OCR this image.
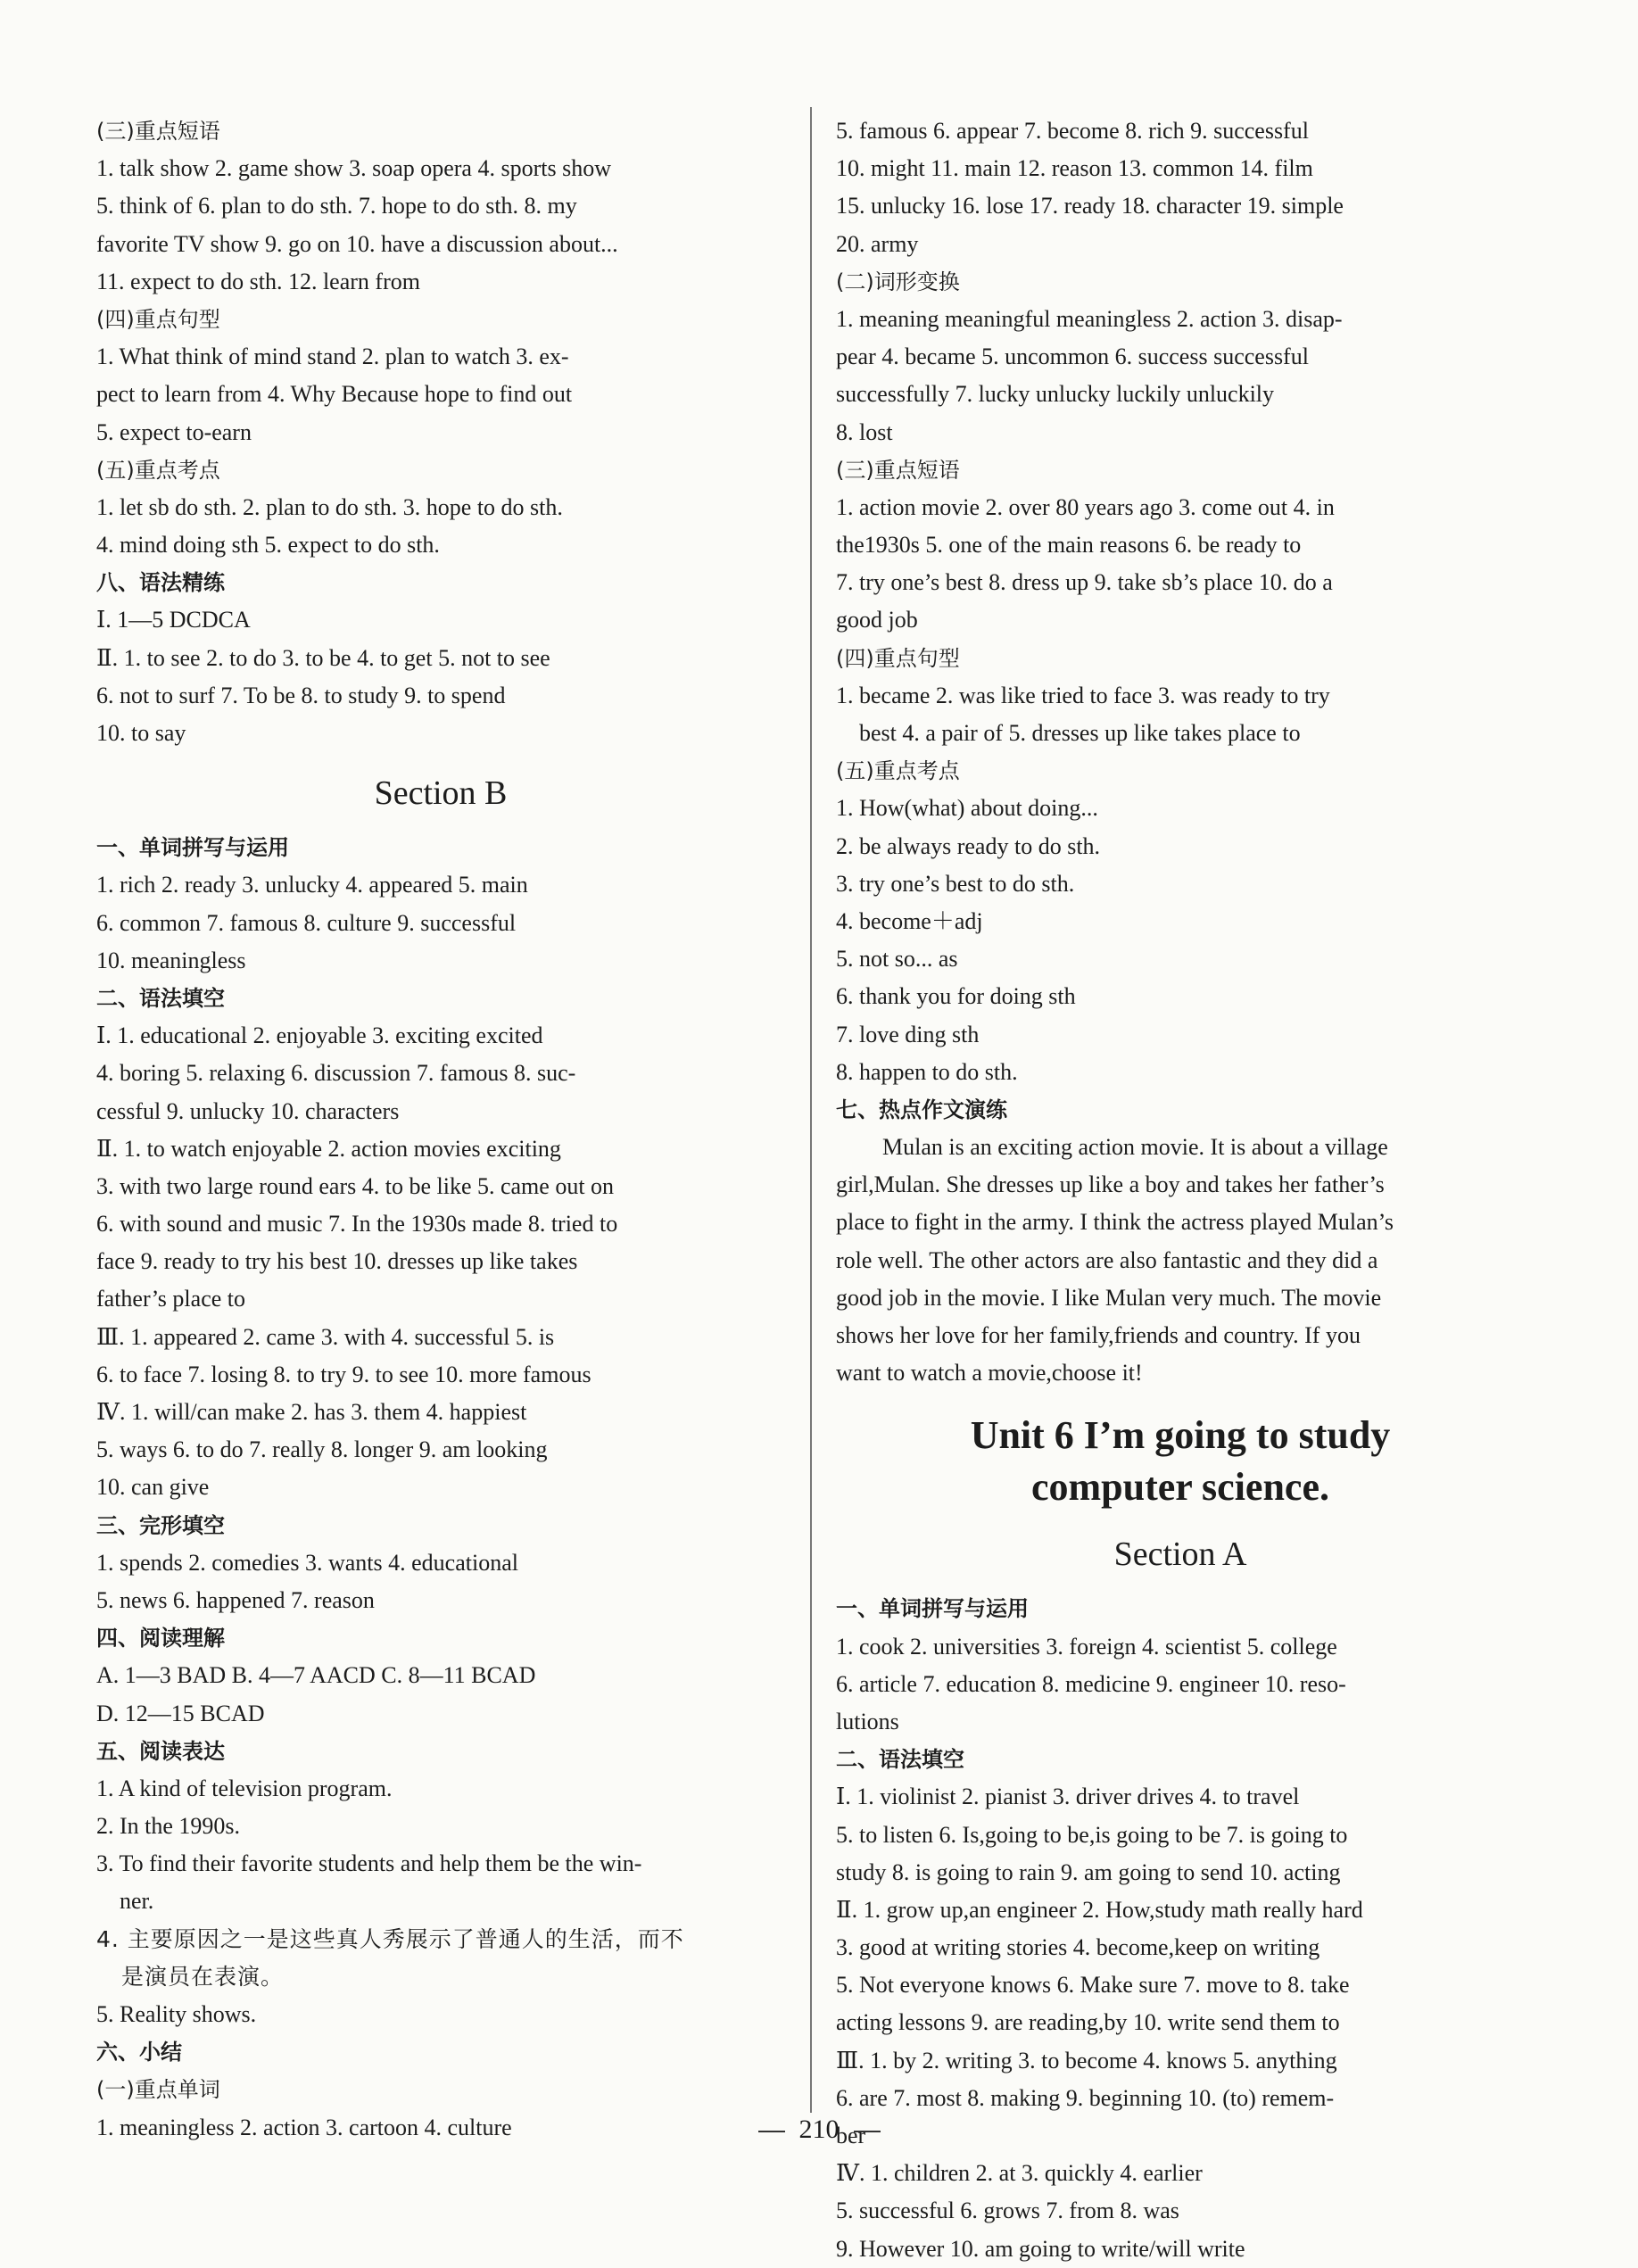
(三)重点短语
1. talk show 2. game show 3. soap opera 4. sports show
5. think of 6. plan to do sth. 7. hope to do sth. 8. my
favorite TV show 9. go on 10. have a discussion about...
11. expect to do sth. 12. learn from
(四)重点句型
1. What think of mind stand 2. plan to watch 3. ex-
pect to learn from 4. Why Because hope to find out
5. expect to-earn
(五)重点考点
1. let sb do sth. 2. plan to do sth. 3. hope to do sth.
4. mind doing sth 5. expect to do sth.
八、语法精练
Ⅰ. 1—5 DCDCA
Ⅱ. 1. to see 2. to do 3. to be 4. to get 5. not to see
6. not to surf 7. To be 8. to study 9. to spend
10. to say
Section B
一、单词拼写与运用
1. rich 2. ready 3. unlucky 4. appeared 5. main
6. common 7. famous 8. culture 9. successful
10. meaningless
二、语法填空
Ⅰ. 1. educational 2. enjoyable 3. exciting excited
4. boring 5. relaxing 6. discussion 7. famous 8. suc-
cessful 9. unlucky 10. characters
Ⅱ. 1. to watch enjoyable 2. action movies exciting
3. with two large round ears 4. to be like 5. came out on
6. with sound and music 7. In the 1930s made 8. tried to
face 9. ready to try his best 10. dresses up like takes
father’s place to
Ⅲ. 1. appeared 2. came 3. with 4. successful 5. is
6. to face 7. losing 8. to try 9. to see 10. more famous
Ⅳ. 1. will/can make 2. has 3. them 4. happiest
5. ways 6. to do 7. really 8. longer 9. am looking
10. can give
三、完形填空
1. spends 2. comedies 3. wants 4. educational
5. news 6. happened 7. reason
四、阅读理解
A. 1—3 BAD B. 4—7 AACD C. 8—11 BCAD
D. 12—15 BCAD
五、阅读表达
1. A kind of television program.
2. In the 1990s.
3. To find their favorite students and help them be the win-
ner.
4. 主要原因之一是这些真人秀展示了普通人的生活，而不
是演员在表演。
5. Reality shows.
六、小结
(一)重点单词
1. meaningless 2. action 3. cartoon 4. culture
5. famous 6. appear 7. become 8. rich 9. successful
10. might 11. main 12. reason 13. common 14. film
15. unlucky 16. lose 17. ready 18. character 19. simple
20. army
(二)词形变换
1. meaning meaningful meaningless 2. action 3. disap-
pear 4. became 5. uncommon 6. success successful
successfully 7. lucky unlucky luckily unluckily
8. lost
(三)重点短语
1. action movie 2. over 80 years ago 3. come out 4. in
the1930s 5. one of the main reasons 6. be ready to
7. try one’s best 8. dress up 9. take sb’s place 10. do a
good job
(四)重点句型
1. became 2. was like tried to face 3. was ready to try
best 4. a pair of 5. dresses up like takes place to
(五)重点考点
1. How(what) about doing...
2. be always ready to do sth.
3. try one’s best to do sth.
4. become＋adj
5. not so... as
6. thank you for doing sth
7. love ding sth
8. happen to do sth.
七、热点作文演练
Mulan is an exciting action movie. It is about a village
girl,Mulan. She dresses up like a boy and takes her father’s
place to fight in the army. I think the actress played Mulan’s
role well. The other actors are also fantastic and they did a
good job in the movie. I like Mulan very much. The movie
shows her love for her family,friends and country. If you
want to watch a movie,choose it!
Unit 6 I’m going to study
computer science.
Section A
一、单词拼写与运用
1. cook 2. universities 3. foreign 4. scientist 5. college
6. article 7. education 8. medicine 9. engineer 10. reso-
lutions
二、语法填空
Ⅰ. 1. violinist 2. pianist 3. driver drives 4. to travel
5. to listen 6. Is,going to be,is going to be 7. is going to
study 8. is going to rain 9. am going to send 10. acting
Ⅱ. 1. grow up,an engineer 2. How,study math really hard
3. good at writing stories 4. become,keep on writing
5. Not everyone knows 6. Make sure 7. move to 8. take
acting lessons 9. are reading,by 10. write send them to
Ⅲ. 1. by 2. writing 3. to become 4. knows 5. anything
6. are 7. most 8. making 9. beginning 10. (to) remem-
ber
Ⅳ. 1. children 2. at 3. quickly 4. earlier
5. successful 6. grows 7. from 8. was
9. However 10. am going to write/will write
210
